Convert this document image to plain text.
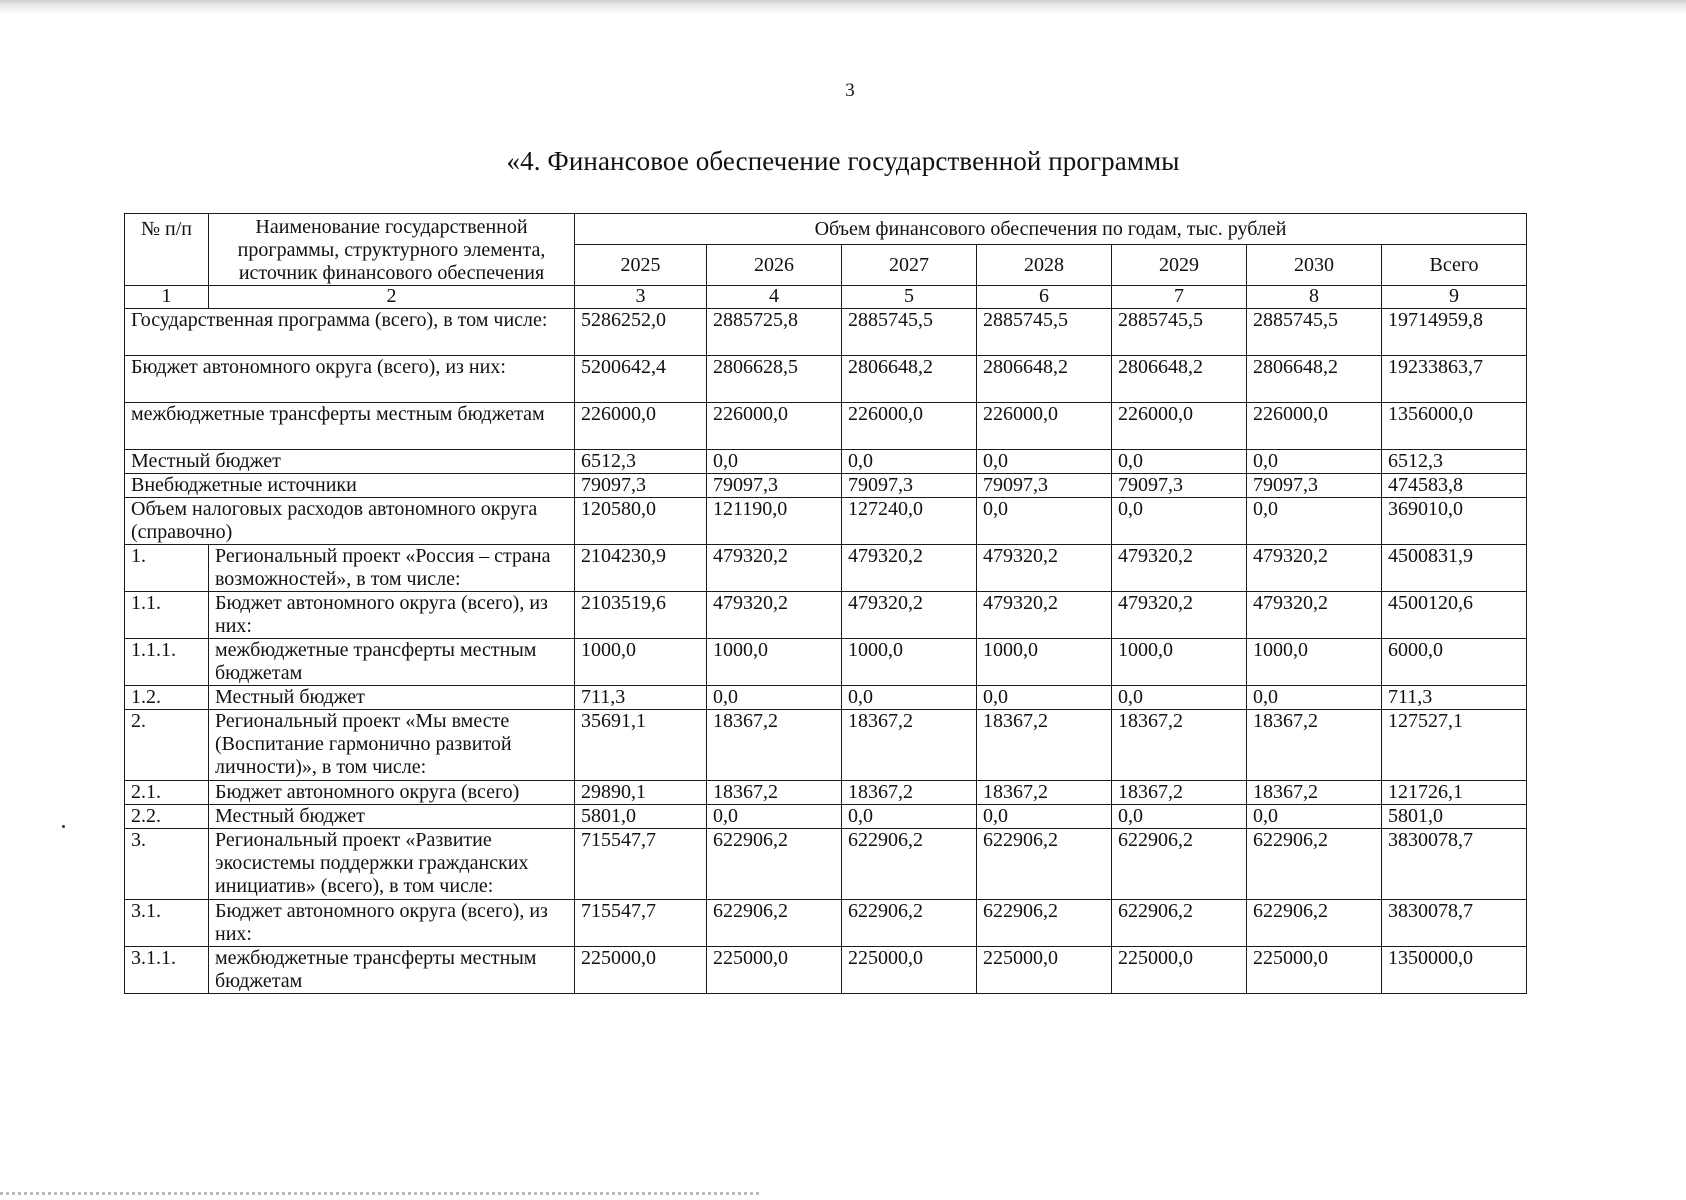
3
«4. Финансовое обеспечение государственной программы
№ п/п	Наименование государственной программы, структурного элемента, источник финансового обеспечения	Объем финансового обеспечения по годам, тыс. рублей						
		2025	2026	2027	2028	2029	2030	Всего
1	2	3	4	5	6	7	8	9
Государственная программа (всего), в том числе:		5286252,0	2885725,8	2885745,5	2885745,5	2885745,5	2885745,5	19714959,8
Бюджет автономного округа (всего), из них:		5200642,4	2806628,5	2806648,2	2806648,2	2806648,2	2806648,2	19233863,7
межбюджетные трансферты местным бюджетам		226000,0	226000,0	226000,0	226000,0	226000,0	226000,0	1356000,0
Местный бюджет		6512,3	0,0	0,0	0,0	0,0	0,0	6512,3
Внебюджетные источники		79097,3	79097,3	79097,3	79097,3	79097,3	79097,3	474583,8
Объем налоговых расходов автономного округа (справочно)		120580,0	121190,0	127240,0	0,0	0,0	0,0	369010,0
1.	Региональный проект «Россия – страна возможностей», в том числе:	2104230,9	479320,2	479320,2	479320,2	479320,2	479320,2	4500831,9
1.1.	Бюджет автономного округа (всего), из них:	2103519,6	479320,2	479320,2	479320,2	479320,2	479320,2	4500120,6
1.1.1.	межбюджетные трансферты местным бюджетам	1000,0	1000,0	1000,0	1000,0	1000,0	1000,0	6000,0
1.2.	Местный бюджет	711,3	0,0	0,0	0,0	0,0	0,0	711,3
2.	Региональный проект «Мы вместе (Воспитание гармонично развитой личности)», в том числе:	35691,1	18367,2	18367,2	18367,2	18367,2	18367,2	127527,1
2.1.	Бюджет автономного округа (всего)	29890,1	18367,2	18367,2	18367,2	18367,2	18367,2	121726,1
2.2.	Местный бюджет	5801,0	0,0	0,0	0,0	0,0	0,0	5801,0
3.	Региональный проект «Развитие экосистемы поддержки гражданских инициатив» (всего), в том числе:	715547,7	622906,2	622906,2	622906,2	622906,2	622906,2	3830078,7
3.1.	Бюджет автономного округа (всего), из них:	715547,7	622906,2	622906,2	622906,2	622906,2	622906,2	3830078,7
3.1.1.	межбюджетные трансферты местным бюджетам	225000,0	225000,0	225000,0	225000,0	225000,0	225000,0	1350000,0
